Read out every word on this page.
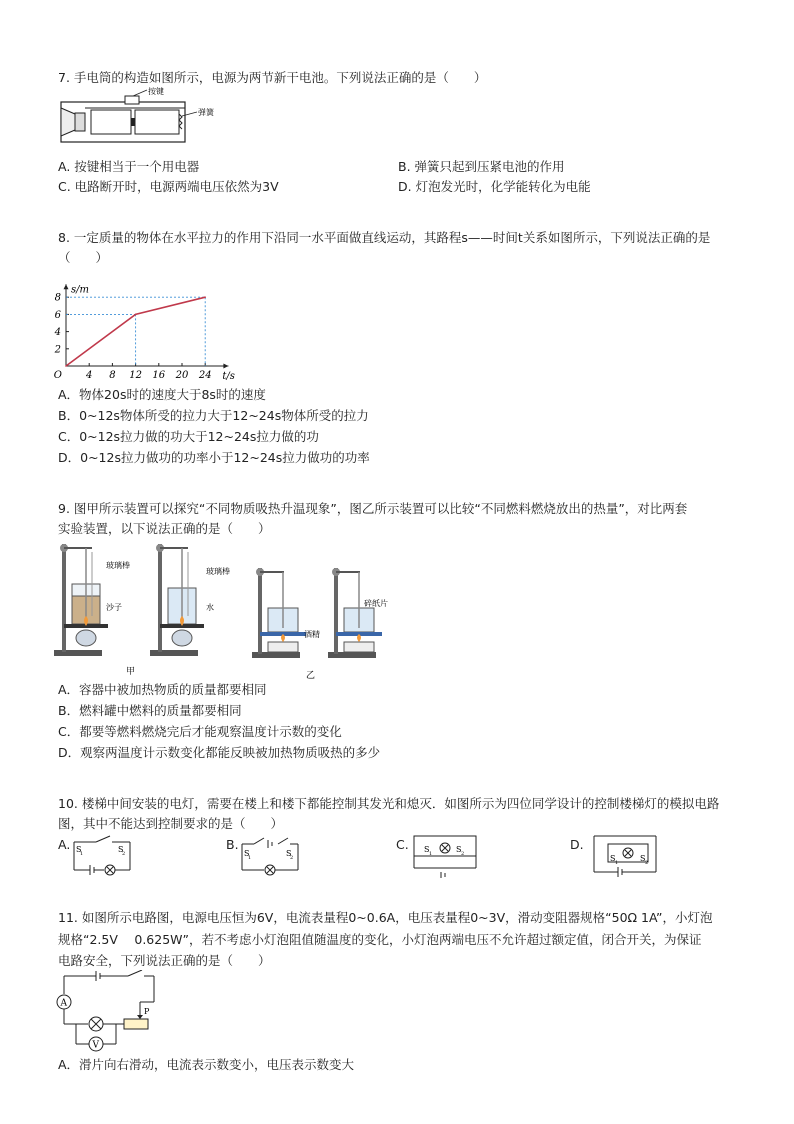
7. 手电筒的构造如图所示，电源为两节新干电池。下列说法正确的是（　　）
按键
弹簧
A. 按键相当于一个用电器	B. 弹簧只起到压紧电池的作用
C. 电路断开时，电源两端电压依然为3V	D. 灯泡发光时，化学能转化为电能
8. 一定质量的物体在水平拉力的作用下沿同一水平面做直线运动，其路程s——时间t关系如图所示，下列说法正确的是
（　　）
4 8 12 16 20 24
2
4
6
8
O	t/s
s/m
A．物体20s时的速度大于8s时的速度
B．0~12s物体所受的拉力大于12~24s物体所受的拉力
C．0~12s拉力做的功大于12~24s拉力做的功
D．0~12s拉力做功的功率小于12~24s拉力做功的功率
9. 图甲所示装置可以探究“不同物质吸热升温现象”，图乙所示装置可以比较“不同燃料燃烧放出的热量”，对比两套
实验装置，以下说法正确的是（　　）
玻璃棒
沙子
玻璃棒
水
酒精
碎纸片
甲	乙
A．容器中被加热物质的质量都要相同
B．燃料罐中燃料的质量都要相同
C．都要等燃料燃烧完后才能观察温度计示数的变化
D．观察两温度计示数变化都能反映被加热物质吸热的多少
10. 楼梯中间安装的电灯，需要在楼上和楼下都能控制其发光和熄灭．如图所示为四位同学设计的控制楼梯灯的模拟电路
图，其中不能达到控制要求的是（　　）
A. S
1	S
2
B.
S
1	S
2
C. S 1	S 2
D.
S 1	S 2
11. 如图所示电路图，电源电压恒为6V，电流表量程0~0.6A，电压表量程0~3V，滑动变阻器规格“50Ω 1A”，小灯泡
规格“2.5V　 0.625W”，若不考虑小灯泡阻值随温度的变化，小灯泡两端电压不允许超过额定值，闭合开关，为保证
电路安全，下列说法正确的是（　　）
A
P
V
A．滑片向右滑动，电流表示数变小，电压表示数变大
